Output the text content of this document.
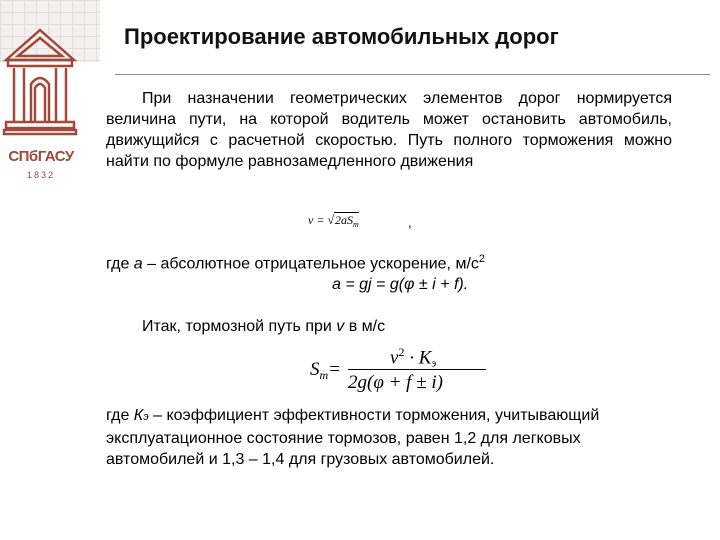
СПбГАСУ
1832
Проектирование автомобильных дорог
При назначении геометрических элементов дорог нормируется величина пути, на которой водитель может остановить автомобиль, движущийся с расчетной скоростью. Путь полного торможения можно найти по формуле равнозамедленного движения
$v = √2aS_т$	,
где а – абсолютное отрицательное ускорение, $м/с^2$
а = gj = g(φ ± i + f).
Итак, тормозной путь при v в м/с
$S_т=$
$v^2 \cdot K_э$
2g(φ + f ± i)
где Кэ – коэффициент эффективности торможения, учитывающий эксплуатационное состояние тормозов, равен 1,2 для легковых автомобилей и 1,3 – 1,4 для грузовых автомобилей.
